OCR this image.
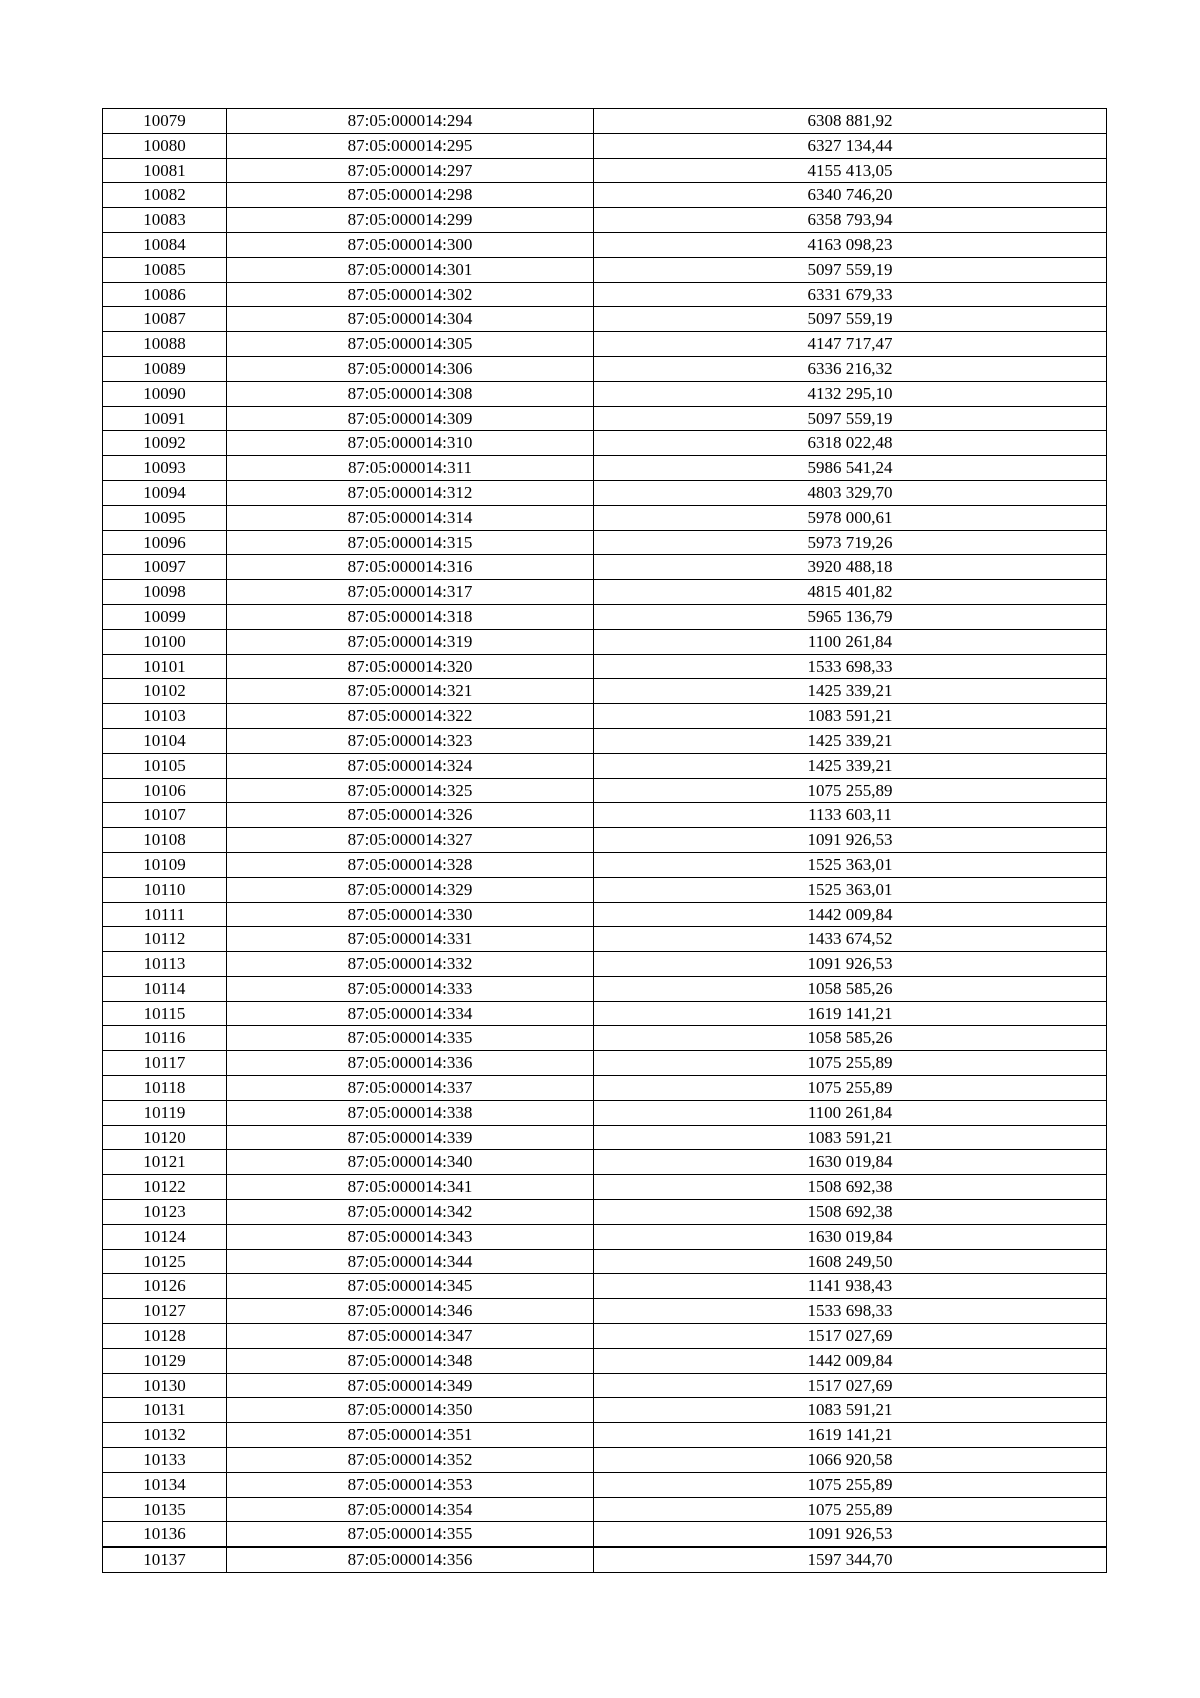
10079	87:05:000014:294	6308 881,92
10080	87:05:000014:295	6327 134,44
10081	87:05:000014:297	4155 413,05
10082	87:05:000014:298	6340 746,20
10083	87:05:000014:299	6358 793,94
10084	87:05:000014:300	4163 098,23
10085	87:05:000014:301	5097 559,19
10086	87:05:000014:302	6331 679,33
10087	87:05:000014:304	5097 559,19
10088	87:05:000014:305	4147 717,47
10089	87:05:000014:306	6336 216,32
10090	87:05:000014:308	4132 295,10
10091	87:05:000014:309	5097 559,19
10092	87:05:000014:310	6318 022,48
10093	87:05:000014:311	5986 541,24
10094	87:05:000014:312	4803 329,70
10095	87:05:000014:314	5978 000,61
10096	87:05:000014:315	5973 719,26
10097	87:05:000014:316	3920 488,18
10098	87:05:000014:317	4815 401,82
10099	87:05:000014:318	5965 136,79
10100	87:05:000014:319	1100 261,84
10101	87:05:000014:320	1533 698,33
10102	87:05:000014:321	1425 339,21
10103	87:05:000014:322	1083 591,21
10104	87:05:000014:323	1425 339,21
10105	87:05:000014:324	1425 339,21
10106	87:05:000014:325	1075 255,89
10107	87:05:000014:326	1133 603,11
10108	87:05:000014:327	1091 926,53
10109	87:05:000014:328	1525 363,01
10110	87:05:000014:329	1525 363,01
10111	87:05:000014:330	1442 009,84
10112	87:05:000014:331	1433 674,52
10113	87:05:000014:332	1091 926,53
10114	87:05:000014:333	1058 585,26
10115	87:05:000014:334	1619 141,21
10116	87:05:000014:335	1058 585,26
10117	87:05:000014:336	1075 255,89
10118	87:05:000014:337	1075 255,89
10119	87:05:000014:338	1100 261,84
10120	87:05:000014:339	1083 591,21
10121	87:05:000014:340	1630 019,84
10122	87:05:000014:341	1508 692,38
10123	87:05:000014:342	1508 692,38
10124	87:05:000014:343	1630 019,84
10125	87:05:000014:344	1608 249,50
10126	87:05:000014:345	1141 938,43
10127	87:05:000014:346	1533 698,33
10128	87:05:000014:347	1517 027,69
10129	87:05:000014:348	1442 009,84
10130	87:05:000014:349	1517 027,69
10131	87:05:000014:350	1083 591,21
10132	87:05:000014:351	1619 141,21
10133	87:05:000014:352	1066 920,58
10134	87:05:000014:353	1075 255,89
10135	87:05:000014:354	1075 255,89
10136	87:05:000014:355	1091 926,53
10137	87:05:000014:356	1597 344,70
